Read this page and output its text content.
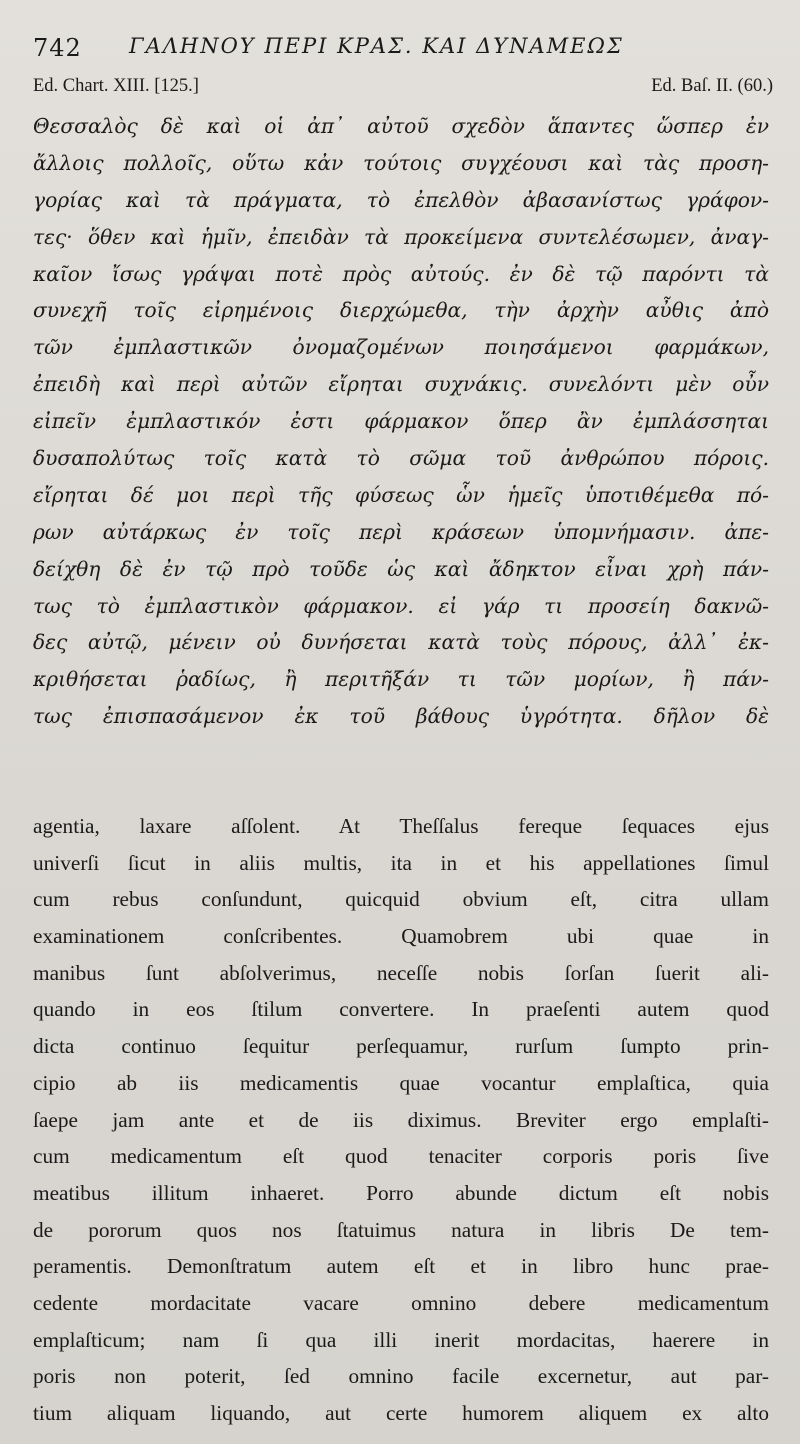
742 ΓΑΛΗΝΟΥ ΠΕΡΙ ΚΡΑΣ. ΚΑΙ ΔΥΝΑΜΕΩΣ
Ed. Chart. XIII. [125.]	Ed. Baſ. II. (60.)
Θεσσαλὸς δὲ καὶ οἱ ἀπ᾿ αὐτοῦ σχεδὸν ἅπαντες ὥσπερ ἐν
ἄλλοις πολλοῖς, οὕτω κἀν τούτοις συγχέουσι καὶ τὰς προση-
γορίας καὶ τὰ πράγματα, τὸ ἐπελθὸν ἀβασανίστως γράφον-
τες· ὅθεν καὶ ἡμῖν, ἐπειδὰν τὰ προκείμενα συντελέσωμεν, ἀναγ-
καῖον ἴσως γράψαι ποτὲ πρὸς αὐτούς. ἐν δὲ τῷ παρόντι τὰ
συνεχῆ τοῖς εἰρημένοις διερχώμεθα, τὴν ἀρχὴν αὖθις ἀπὸ
τῶν ἐμπλαστικῶν ὀνομαζομένων ποιησάμενοι φαρμάκων,
ἐπειδὴ καὶ περὶ αὐτῶν εἴρηται συχνάκις. συνελόντι μὲν οὖν
εἰπεῖν ἐμπλαστικόν ἐστι φάρμακον ὅπερ ἂν ἐμπλάσσηται
δυσαπολύτως τοῖς κατὰ τὸ σῶμα τοῦ ἀνθρώπου πόροις.
εἴρηται δέ μοι περὶ τῆς φύσεως ὧν ἡμεῖς ὑποτιθέμεθα πό-
ρων αὐτάρκως ἐν τοῖς περὶ κράσεων ὑπομνήμασιν. ἀπε-
δείχθη δὲ ἐν τῷ πρὸ τοῦδε ὡς καὶ ἄδηκτον εἶναι χρὴ πάν-
τως τὸ ἐμπλαστικὸν φάρμακον. εἰ γάρ τι προσείη δακνῶ-
δες αὐτῷ, μένειν οὐ δυνήσεται κατὰ τοὺς πόρους, ἀλλ᾿ ἐκ-
κριθήσεται ῥαδίως, ἢ περιτῆξάν τι τῶν μορίων, ἢ πάν-
τως ἐπισπασάμενον ἐκ τοῦ βάθους ὑγρότητα. δῆλον δὲ
agentia, laxare aſſolent. At Theſſalus fereque ſequaces ejus
univerſi ſicut in aliis multis, ita in et his appellationes ſimul
cum rebus conſundunt, quicquid obvium eſt, citra ullam
examinationem conſcribentes. Quamobrem ubi quae in
manibus ſunt abſolverimus, neceſſe nobis ſorſan ſuerit ali-
quando in eos ſtilum convertere. In praeſenti autem quod
dicta continuo ſequitur perſequamur, rurſum ſumpto prin-
cipio ab iis medicamentis quae vocantur emplaſtica, quia
ſaepe jam ante et de iis diximus. Breviter ergo emplaſti-
cum medicamentum eſt quod tenaciter corporis poris ſive
meatibus illitum inhaeret. Porro abunde dictum eſt nobis
de pororum quos nos ſtatuimus natura in libris De tem-
peramentis. Demonſtratum autem eſt et in libro hunc prae-
cedente mordacitate vacare omnino debere medicamentum
emplaſticum; nam ſi qua illi inerit mordacitas, haerere in
poris non poterit, ſed omnino facile excernetur, aut par-
tium aliquam liquando, aut certe humorem aliquem ex alto
